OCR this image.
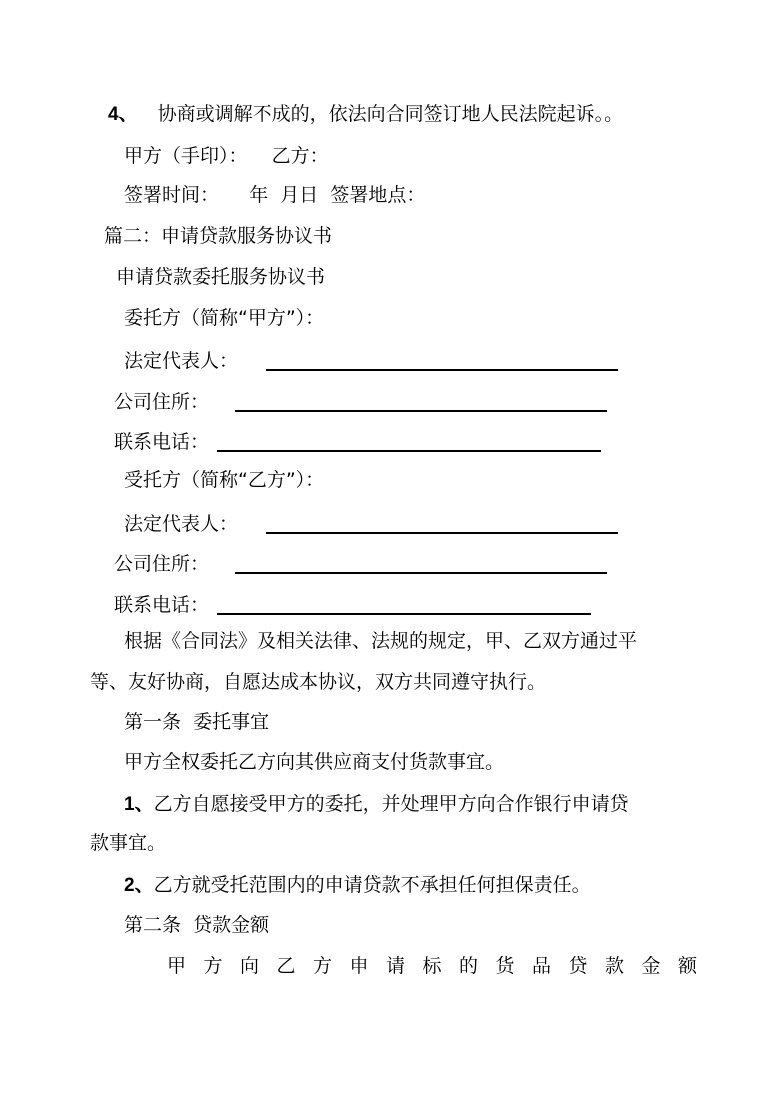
4、 协商或调解不成的，依法向合同签订地人民法院起诉。。
甲方（手印）：    乙方：
签署时间：     年  月日  签署地点：
篇二：申请贷款服务协议书
申请贷款委托服务协议书
委托方（简称“甲方”）：
法定代表人：
公司住所：
联系电话：
受托方（简称“乙方”）：
法定代表人：
公司住所：
联系电话：
根据《合同法》及相关法律、法规的规定，甲、乙双方通过平
等、友好协商，自愿达成本协议，双方共同遵守执行。
第一条  委托事宜
甲方全权委托乙方向其供应商支付货款事宜。
1、乙方自愿接受甲方的委托，并处理甲方向合作银行申请贷
款事宜。
2、乙方就受托范围内的申请贷款不承担任何担保责任。
第二条  贷款金额
甲方向乙方申请标的货品贷款金额
